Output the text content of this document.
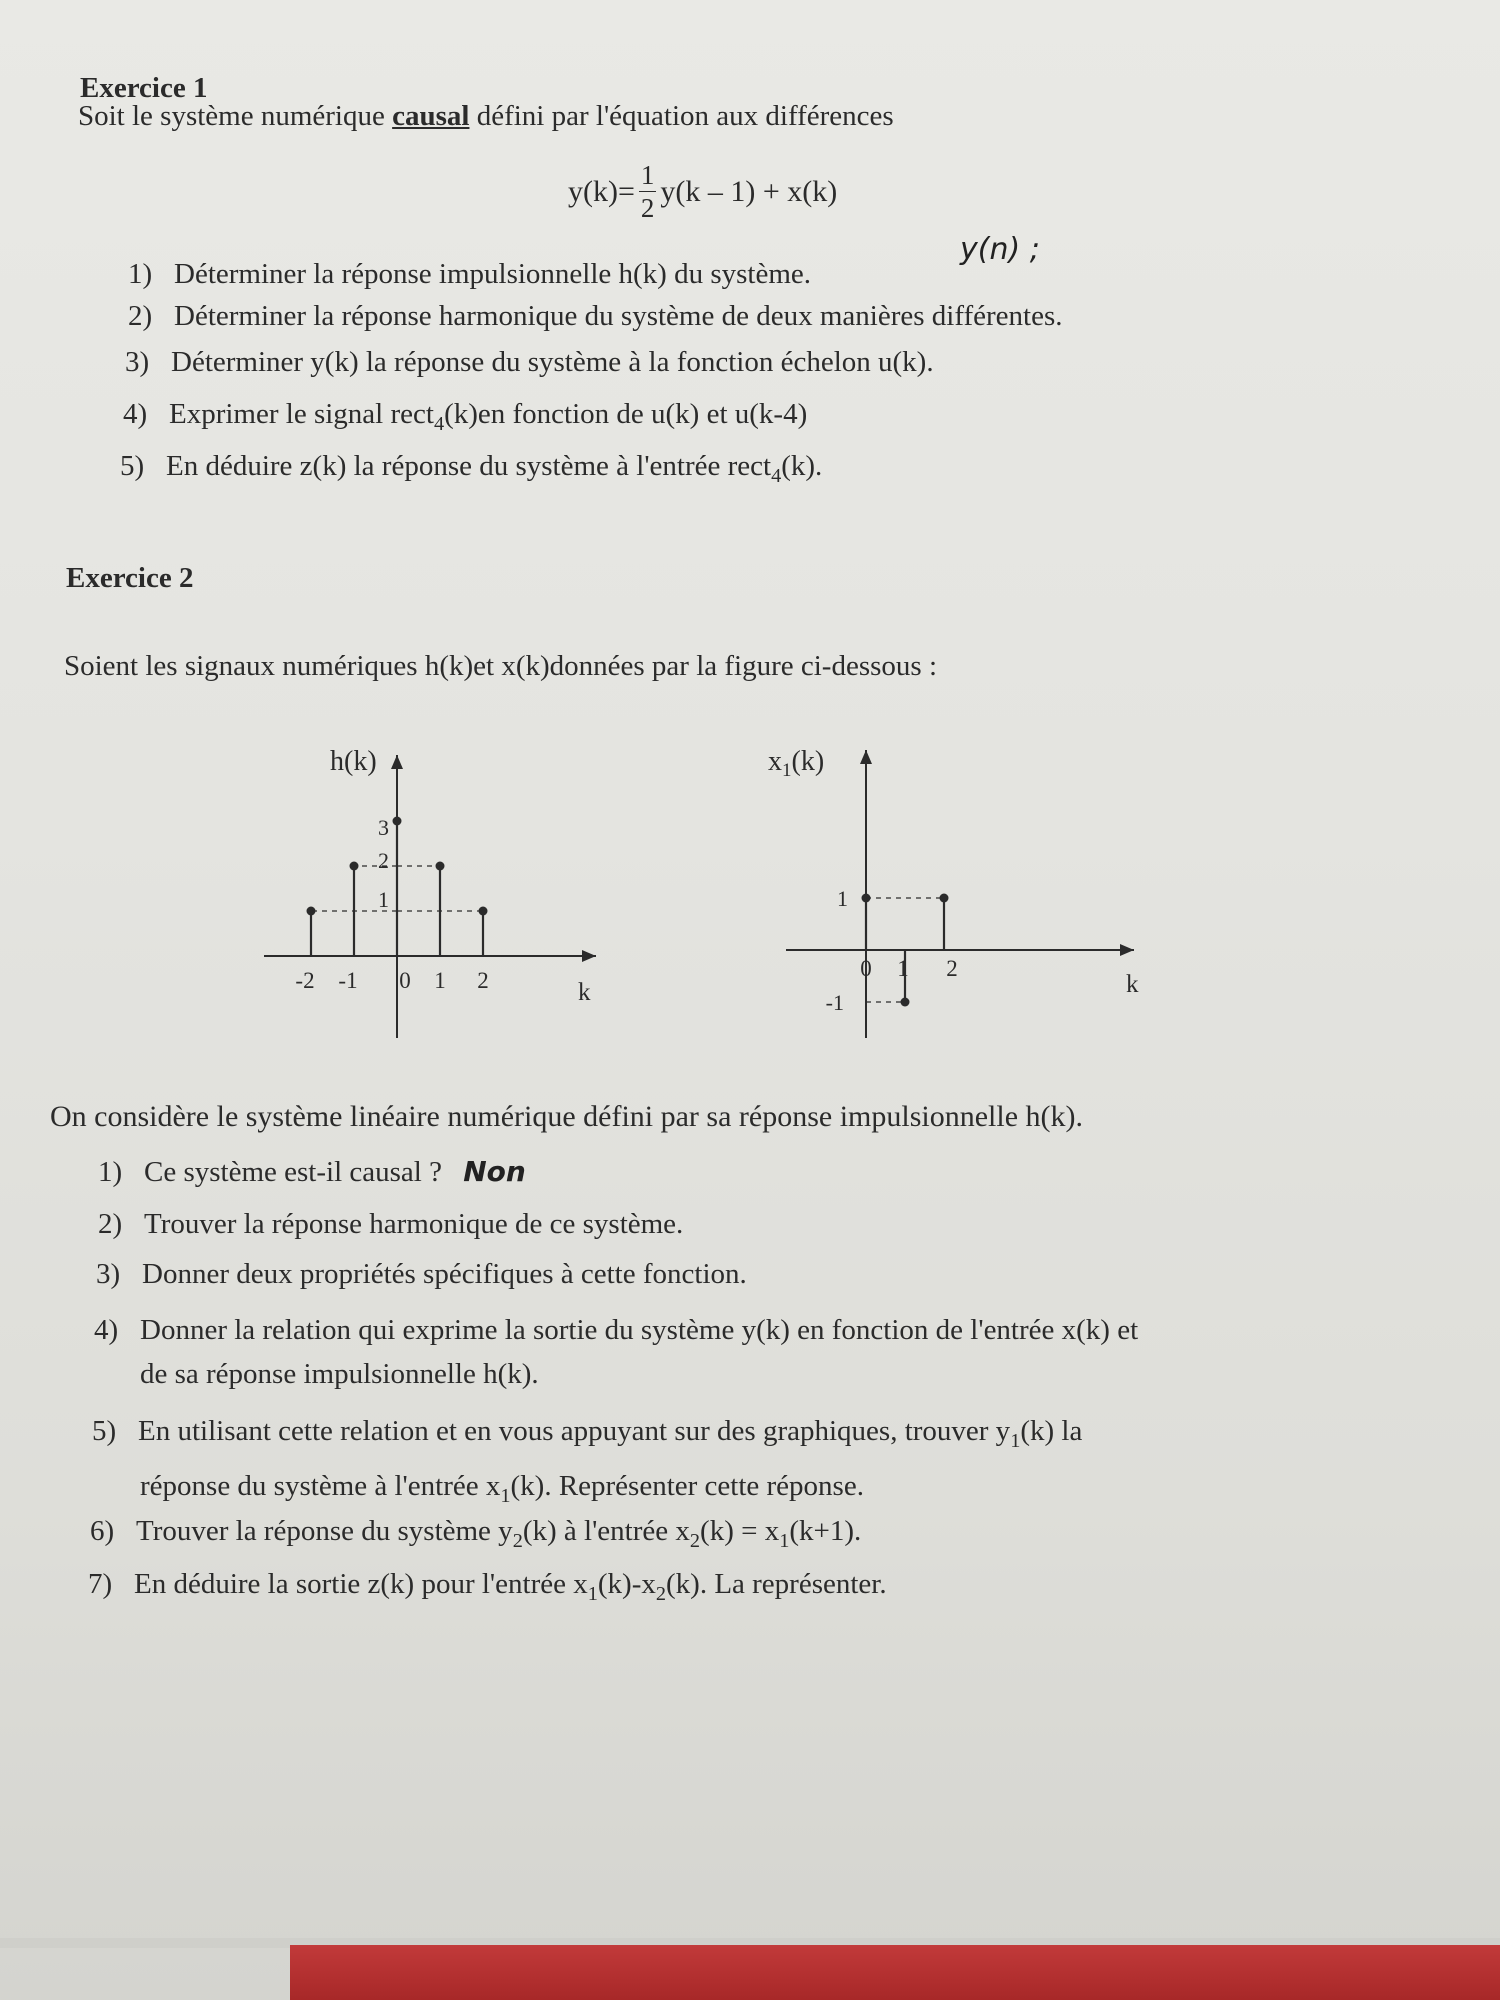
Exercice 1
Soit le système numérique causal défini par l'équation aux différences
$y(k)= \frac{1}{2} y(k - 1) + x(k)$
y(n) ;
1) Déterminer la réponse impulsionnelle h(k) du système.
2) Déterminer la réponse harmonique du système de deux manières différentes.
3) Déterminer y(k) la réponse du système à la fonction échelon u(k).
4) Exprimer le signal rect$_4$(k)en fonction de u(k) et u(k-4)
5) En déduire z(k) la réponse du système à l'entrée rect$_4$(k).
Exercice 2
Soient les signaux numériques h(k)et x(k)données par la figure ci-dessous :
-2 -1 0 1 2
1
2
3
k
h(k)
0 1 2
1
-1
k
$x_1(k)$
On considère le système linéaire numérique défini par sa réponse impulsionnelle h(k).
1) Ce système est-il causal ? Non
2) Trouver la réponse harmonique de ce système.
3) Donner deux propriétés spécifiques à cette fonction.
4) Donner la relation qui exprime la sortie du système y(k) en fonction de l'entrée x(k) et
de sa réponse impulsionnelle h(k).
5) En utilisant cette relation et en vous appuyant sur des graphiques, trouver $y_1(k)$ la
réponse du système à l'entrée $x_1(k)$. Représenter cette réponse.
6) Trouver la réponse du système $y_2(k)$ à l'entrée $x_2(k) = x_1(k+1)$.
7) En déduire la sortie z(k) pour l'entrée $x_1(k)-x_2(k)$. La représenter.
